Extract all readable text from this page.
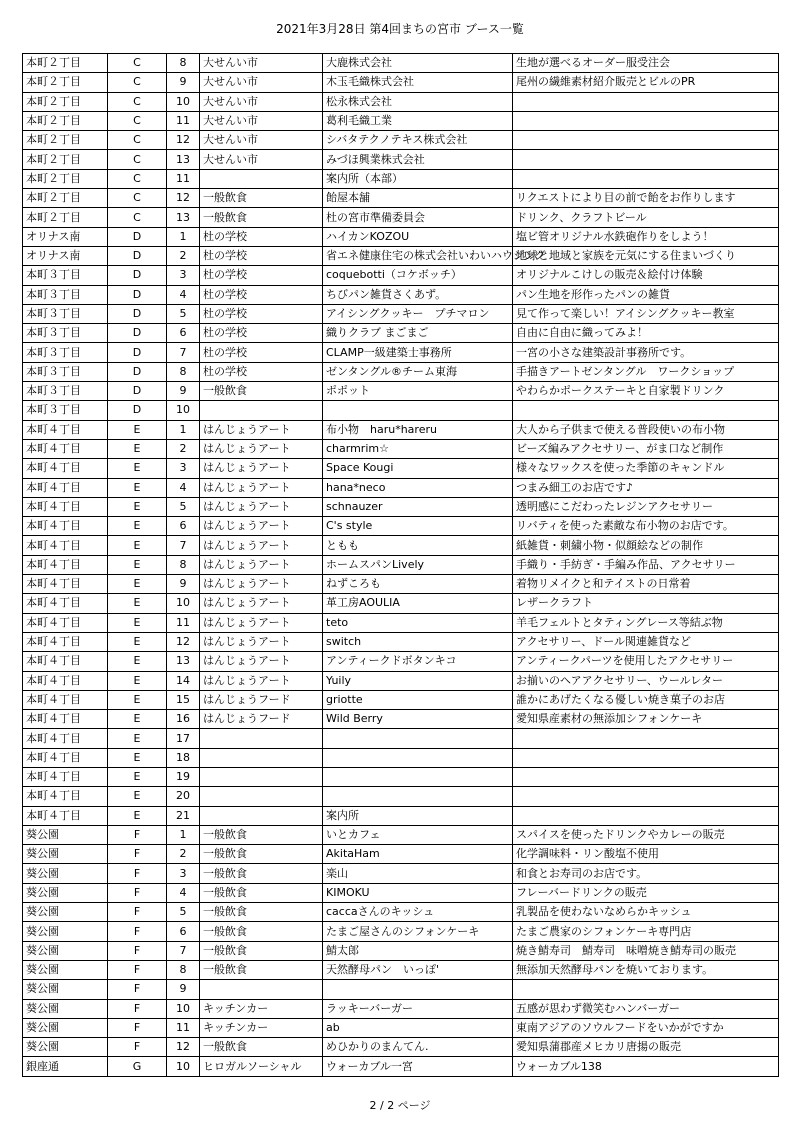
2021年3月28日 第4回まちの宮市 ブース一覧
本町２丁目	C	8	大せんい市	大鹿株式会社	生地が選べるオーダー服受注会
本町２丁目	C	9	大せんい市	木玉毛織株式会社	尾州の繊維素材紹介販売とビルのPR
本町２丁目	C	10	大せんい市	松永株式会社	
本町２丁目	C	11	大せんい市	葛利毛織工業	
本町２丁目	C	12	大せんい市	シバタテクノテキス株式会社	
本町２丁目	C	13	大せんい市	みづほ興業株式会社	
本町２丁目	C	11		案内所（本部）	
本町２丁目	C	12	一般飲食	飴屋本舗	リクエストにより目の前で飴をお作りします
本町２丁目	C	13	一般飲食	杜の宮市準備委員会	ドリンク、クラフトビール
オリナス南	D	1	杜の学校	ハイカンKOZOU	塩ビ管オリジナル水鉄砲作りをしよう！
オリナス南	D	2	杜の学校	省エネ健康住宅の株式会社いわいハウジング	地球と地域と家族を元気にする住まいづくり
本町３丁目	D	3	杜の学校	coquebotti（コケボッチ）	オリジナルこけしの販売＆絵付け体験
本町３丁目	D	4	杜の学校	ちびパン雑貨さくあず。	パン生地を形作ったパンの雑貨
本町３丁目	D	5	杜の学校	アイシングクッキー　プチマロン	見て作って楽しい！アイシングクッキー教室
本町３丁目	D	6	杜の学校	織りクラブ まごまご	自由に自由に織ってみよ！
本町３丁目	D	7	杜の学校	CLAMP一級建築士事務所	一宮の小さな建築設計事務所です。
本町３丁目	D	8	杜の学校	ゼンタングル®チーム東海	手描きアートゼンタングル　ワークショップ
本町３丁目	D	9	一般飲食	ポポット	やわらかポークステーキと自家製ドリンク
本町３丁目	D	10			
本町４丁目	E	1	はんじょうアート	布小物　haru*hareru	大人から子供まで使える普段使いの布小物
本町４丁目	E	2	はんじょうアート	charmrim☆	ビーズ編みアクセサリー、がま口など制作
本町４丁目	E	3	はんじょうアート	Space Kougi	様々なワックスを使った季節のキャンドル
本町４丁目	E	4	はんじょうアート	hana*neco	つまみ細工のお店です♪
本町４丁目	E	5	はんじょうアート	schnauzer	透明感にこだわったレジンアクセサリー
本町４丁目	E	6	はんじょうアート	C's style	リバティを使った素敵な布小物のお店です。
本町４丁目	E	7	はんじょうアート	ともも	紙雑貨・刺繍小物・似顔絵などの制作
本町４丁目	E	8	はんじょうアート	ホームスパンLively	手織り・手紡ぎ・手編み作品、アクセサリー
本町４丁目	E	9	はんじょうアート	ねずころも	着物リメイクと和テイストの日常着
本町４丁目	E	10	はんじょうアート	革工房AOULIA	レザークラフト
本町４丁目	E	11	はんじょうアート	teto	羊毛フェルトとタティングレース等結ぶ物
本町４丁目	E	12	はんじょうアート	switch	アクセサリー、ドール関連雑貨など
本町４丁目	E	13	はんじょうアート	アンティークドボタンキコ	アンティークパーツを使用したアクセサリー
本町４丁目	E	14	はんじょうアート	Yuily	お揃いのヘアアクセサリー、ウールレター
本町４丁目	E	15	はんじょうフード	griotte	誰かにあげたくなる優しい焼き菓子のお店
本町４丁目	E	16	はんじょうフード	Wild Berry	愛知県産素材の無添加シフォンケーキ
本町４丁目	E	17			
本町４丁目	E	18			
本町４丁目	E	19			
本町４丁目	E	20			
本町４丁目	E	21		案内所	
葵公園	F	1	一般飲食	いとカフェ	スパイスを使ったドリンクやカレーの販売
葵公園	F	2	一般飲食	AkitaHam	化学調味料・リン酸塩不使用
葵公園	F	3	一般飲食	楽山	和食とお寿司のお店です。
葵公園	F	4	一般飲食	KIMOKU	フレーバードリンクの販売
葵公園	F	5	一般飲食	caccaさんのキッシュ	乳製品を使わないなめらかキッシュ
葵公園	F	6	一般飲食	たまご屋さんのシフォンケーキ	たまご農家のシフォンケーキ専門店
葵公園	F	7	一般飲食	鯖太郎	焼き鯖寿司　鯖寿司　味噌焼き鯖寿司の販売
葵公園	F	8	一般飲食	天然酵母パン　いっぽ'	無添加天然酵母パンを焼いております。
葵公園	F	9			
葵公園	F	10	キッチンカー	ラッキーバーガー	五感が思わず微笑むハンバーガー
葵公園	F	11	キッチンカー	ab	東南アジアのソウルフードをいかがですか
葵公園	F	12	一般飲食	めひかりのまんてん.	愛知県蒲郡産メヒカリ唐揚の販売
銀座通	G	10	ヒロガルソーシャル	ウォーカブル一宮	ウォーカブル138
2 / 2 ページ
